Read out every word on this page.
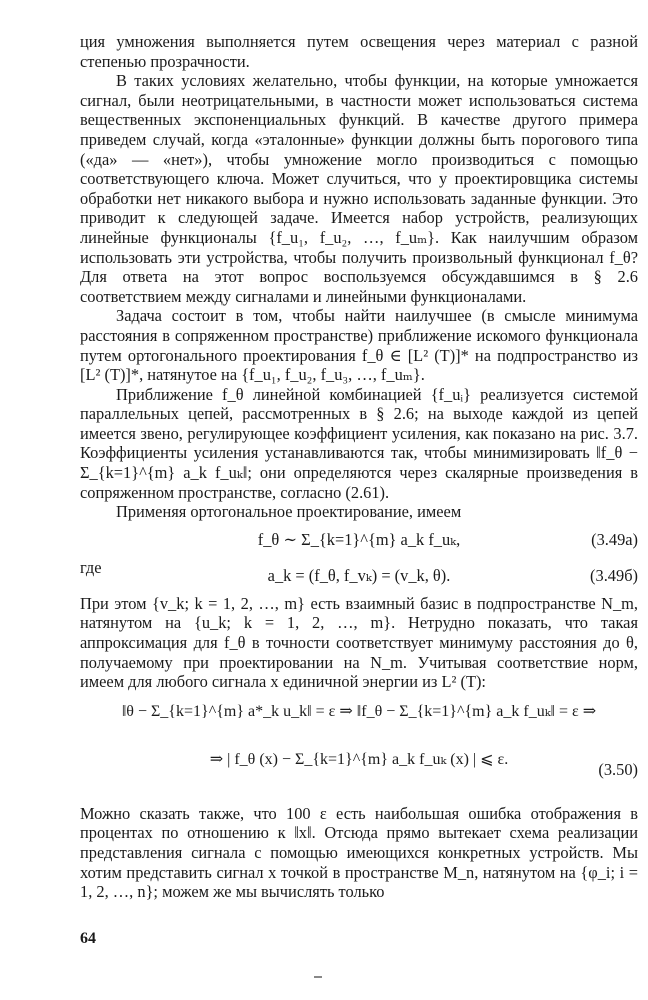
ция умножения выполняется путем освещения через материал с разной степенью прозрачности.

В таких условиях желательно, чтобы функции, на которые умножается сигнал, были неотрицательными, в частности может использоваться система вещественных экспоненциальных функций. В качестве другого примера приведем случай, когда «эталонные» функции должны быть порогового типа («да» — «нет»), чтобы умножение могло производиться с помощью соответствующего ключа. Может случиться, что у проектировщика системы обработки нет никакого выбора и нужно использовать заданные функции. Это приводит к следующей задаче. Имеется набор устройств, реализующих линейные функционалы {f_u₁, f_u₂, …, f_uₘ}. Как наилучшим образом использовать эти устройства, чтобы получить произвольный функционал f_θ? Для ответа на этот вопрос воспользуемся обсуждавшимся в § 2.6 соответствием между сигналами и линейными функционалами.

Задача состоит в том, чтобы найти наилучшее (в смысле минимума расстояния в сопряженном пространстве) приближение искомого функционала путем ортогонального проектирования f_θ ∈ [L² (T)]* на подпространство из [L² (T)]*, натянутое на {f_u₁, f_u₂, f_u₃, …, f_uₘ}.

Приближение f_θ линейной комбинацией {f_uᵢ} реализуется системой параллельных цепей, рассмотренных в § 2.6; на выходе каждой из цепей имеется звено, регулирующее коэффициент усиления, как показано на рис. 3.7. Коэффициенты усиления устанавливаются так, чтобы минимизировать ‖f_θ − Σ_{k=1}^{m} a_k f_uₖ‖; они определяются через скалярные произведения в сопряженном пространстве, согласно (2.61).

Применяя ортогональное проектирование, имеем

f_θ ∼ Σ_{k=1}^{m} a_k f_uₖ,	(3.49а)
где	a_k = (f_θ, f_vₖ) = (v_k, θ).	(3.49б)

При этом {v_k; k = 1, 2, …, m} есть взаимный базис в подпространстве N_m, натянутом на {u_k; k = 1, 2, …, m}. Нетрудно показать, что такая аппроксимация для f_θ в точности соответствует минимуму расстояния до θ, получаемому при проектировании на N_m. Учитывая соответствие норм, имеем для любого сигнала x единичной энергии из L² (T):

‖θ − Σ_{k=1}^{m} a*_k u_k‖ = ε ⇒ ‖f_θ − Σ_{k=1}^{m} a_k f_uₖ‖ = ε ⇒
⇒ | f_θ (x) − Σ_{k=1}^{m} a_k f_uₖ (x) | ⩽ ε.
(3.50)

Можно сказать также, что 100 ε есть наибольшая ошибка отображения в процентах по отношению к ‖x‖. Отсюда прямо вытекает схема реализации представления сигнала с помощью имеющихся конкретных устройств. Мы хотим представить сигнал x точкой в пространстве M_n, натянутом на {φ_i; i = 1, 2, …, n}; можем же мы вычислять только

64
